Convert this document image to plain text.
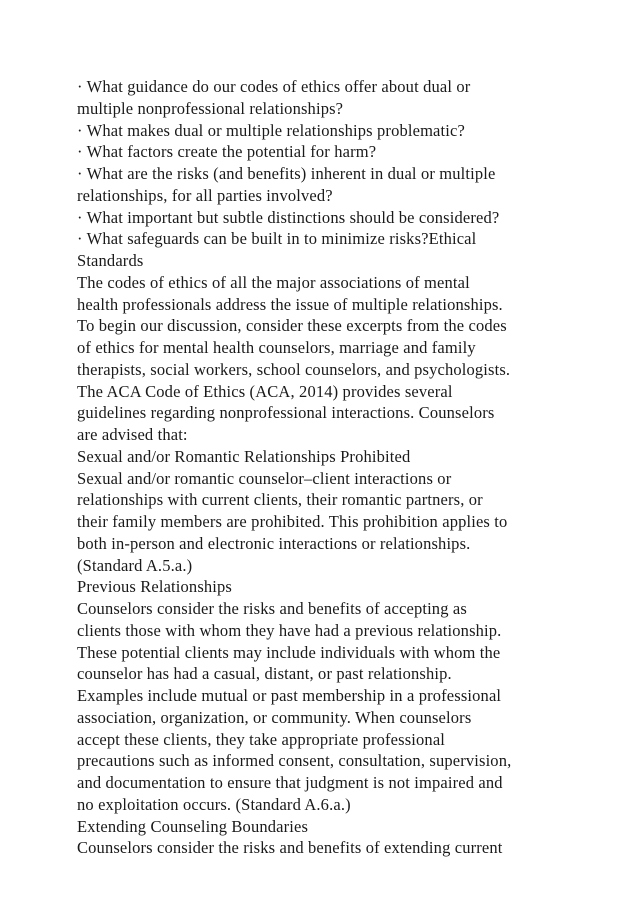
· What guidance do our codes of ethics offer about dual or
multiple nonprofessional relationships?
· What makes dual or multiple relationships problematic?
· What factors create the potential for harm?
· What are the risks (and benefits) inherent in dual or multiple
relationships, for all parties involved?
· What important but subtle distinctions should be considered?
· What safeguards can be built in to minimize risks?Ethical
Standards
The codes of ethics of all the major associations of mental
health professionals address the issue of multiple relationships.
To begin our discussion, consider these excerpts from the codes
of ethics for mental health counselors, marriage and family
therapists, social workers, school counselors, and psychologists.
The ACA Code of Ethics (ACA, 2014) provides several
guidelines regarding nonprofessional interactions. Counselors
are advised that:
Sexual and/or Romantic Relationships Prohibited
Sexual and/or romantic counselor–client interactions or
relationships with current clients, their romantic partners, or
their family members are prohibited. This prohibition applies to
both in-person and electronic interactions or relationships.
(Standard A.5.a.)
Previous Relationships
Counselors consider the risks and benefits of accepting as
clients those with whom they have had a previous relationship.
These potential clients may include individuals with whom the
counselor has had a casual, distant, or past relationship.
Examples include mutual or past membership in a professional
association, organization, or community. When counselors
accept these clients, they take appropriate professional
precautions such as informed consent, consultation, supervision,
and documentation to ensure that judgment is not impaired and
no exploitation occurs. (Standard A.6.a.)
Extending Counseling Boundaries
Counselors consider the risks and benefits of extending current
